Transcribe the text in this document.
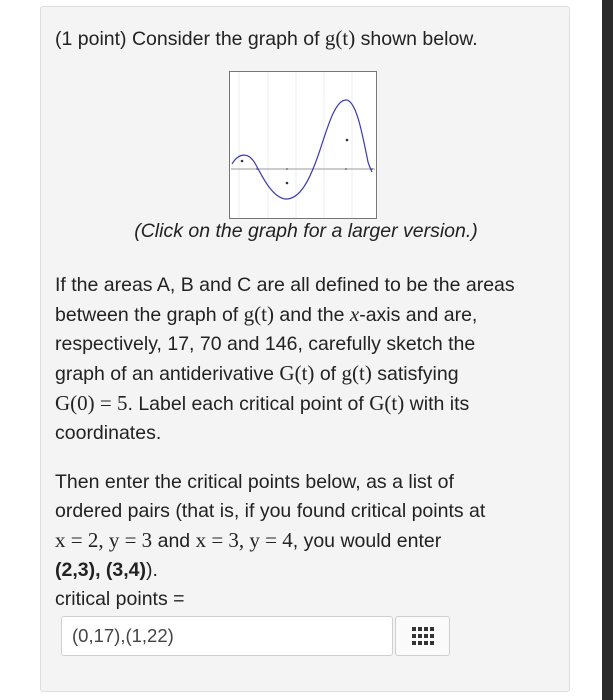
(1 point) Consider the graph of g(t) shown below.

(Click on the graph for a larger version.)

If the areas A, B and C are all defined to be the areas
between the graph of g(t) and the x-axis and are,
respectively, 17, 70 and 146, carefully sketch the
graph of an antiderivative G(t) of g(t) satisfying
G(0) = 5. Label each critical point of G(t) with its
coordinates.

Then enter the critical points below, as a list of
ordered pairs (that is, if you found critical points at
x = 2, y = 3 and x = 3, y = 4, you would enter
(2,3), (3,4)).

critical points =

(0,17),(1,22)
